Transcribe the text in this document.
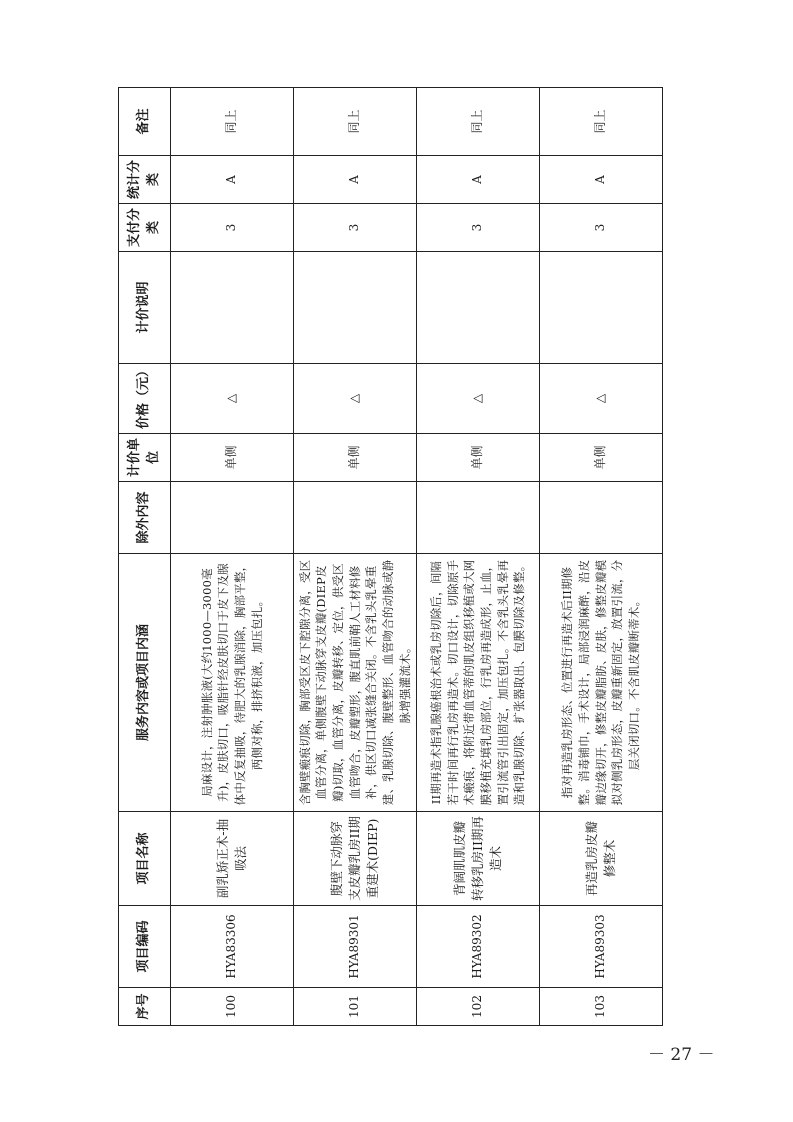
序号	项目编码	项目名称	服务内容或项目内涵	除外内容	计价单位	价格（元）	计价说明	支付分类	统计分类	备注
100	HYA83306	副乳矫正术-抽吸法	局麻设计，注射肿胀液(大约1000—3000毫升)，皮肤切口，吸脂针经皮肤切口于皮下及腺体中反复抽吸，待肥大的乳腺消除，胸部平整，两侧对称，排挤积液，加压包扎。		单侧	△		3	A	同上
101	HYA89301	腹壁下动脉穿支皮瓣乳房II期重建术(DIEP)	含胸壁瘢痕切除，胸部受区皮下腔隙分离，受区血管分离，单侧腹壁下动脉穿支皮瓣(DIEP皮瓣)切取，血管分离，皮瓣转移、定位，供受区血管吻合，皮瓣塑形，腹直肌前鞘人工材料修补，供区切口减张缝合关闭。不含乳头乳晕重建、乳腺切除、腹壁整形、血管吻合的动脉或静脉增强灌流术。		单侧	△		3	A	同上
102	HYA89302	背阔肌肌皮瓣转移乳房II期再造术	II期再造术指乳腺癌根治术或乳房切除后，间隔若干时间再行乳房再造术。切口设计，切除原手术瘢痕，将附近带血管蒂的肌皮组织移植或大网膜移植充填乳房部位，行乳房再造成形，止血，置引流管引出固定，加压包扎。不含乳头乳晕再造和乳腺切除、扩张器取出、包膜切除及修整。		单侧	△		3	A	同上
103	HYA89303	再造乳房皮瓣修整术	指对再造乳房形态、位置进行再造术后II期修整。消毒铺巾，手术设计，局部浸润麻醉，沿皮瓣边缘切开，修整皮瓣脂肪、皮肤，修整皮瓣模拟对侧乳房形态，皮瓣重新固定，放置引流，分层关闭切口。不含肌皮瓣断蒂术。		单侧	△		3	A	同上
－ 27 －
